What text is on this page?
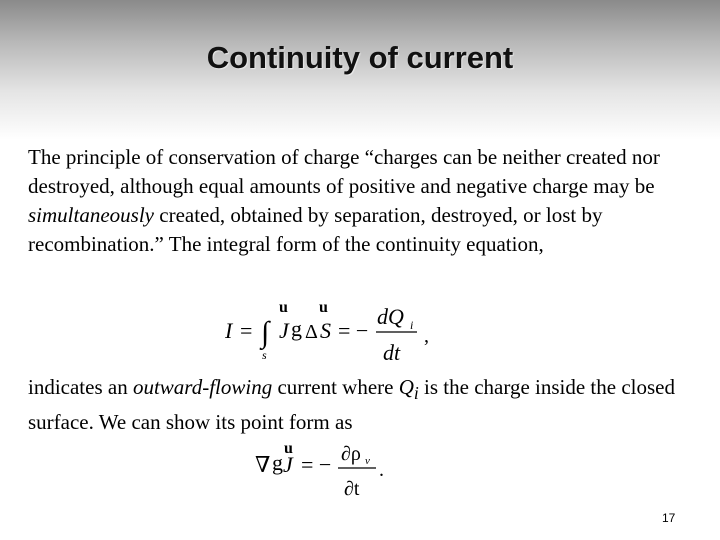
Continuity of current
The principle of conservation of charge “charges can be neither created nor destroyed, although equal amounts of positive and negative charge may be simultaneously created, obtained by separation, destroyed, or lost by recombination.” The integral form of the continuity equation,
I = ∫
s
u
J g
u
Δ S = −
dQ i
dt
,
indicates an outward-flowing current where $Q_i$ is the charge inside the closed surface. We can show its point form as
∇ g
u
J = − ∂ρ v
∂t
.
17
